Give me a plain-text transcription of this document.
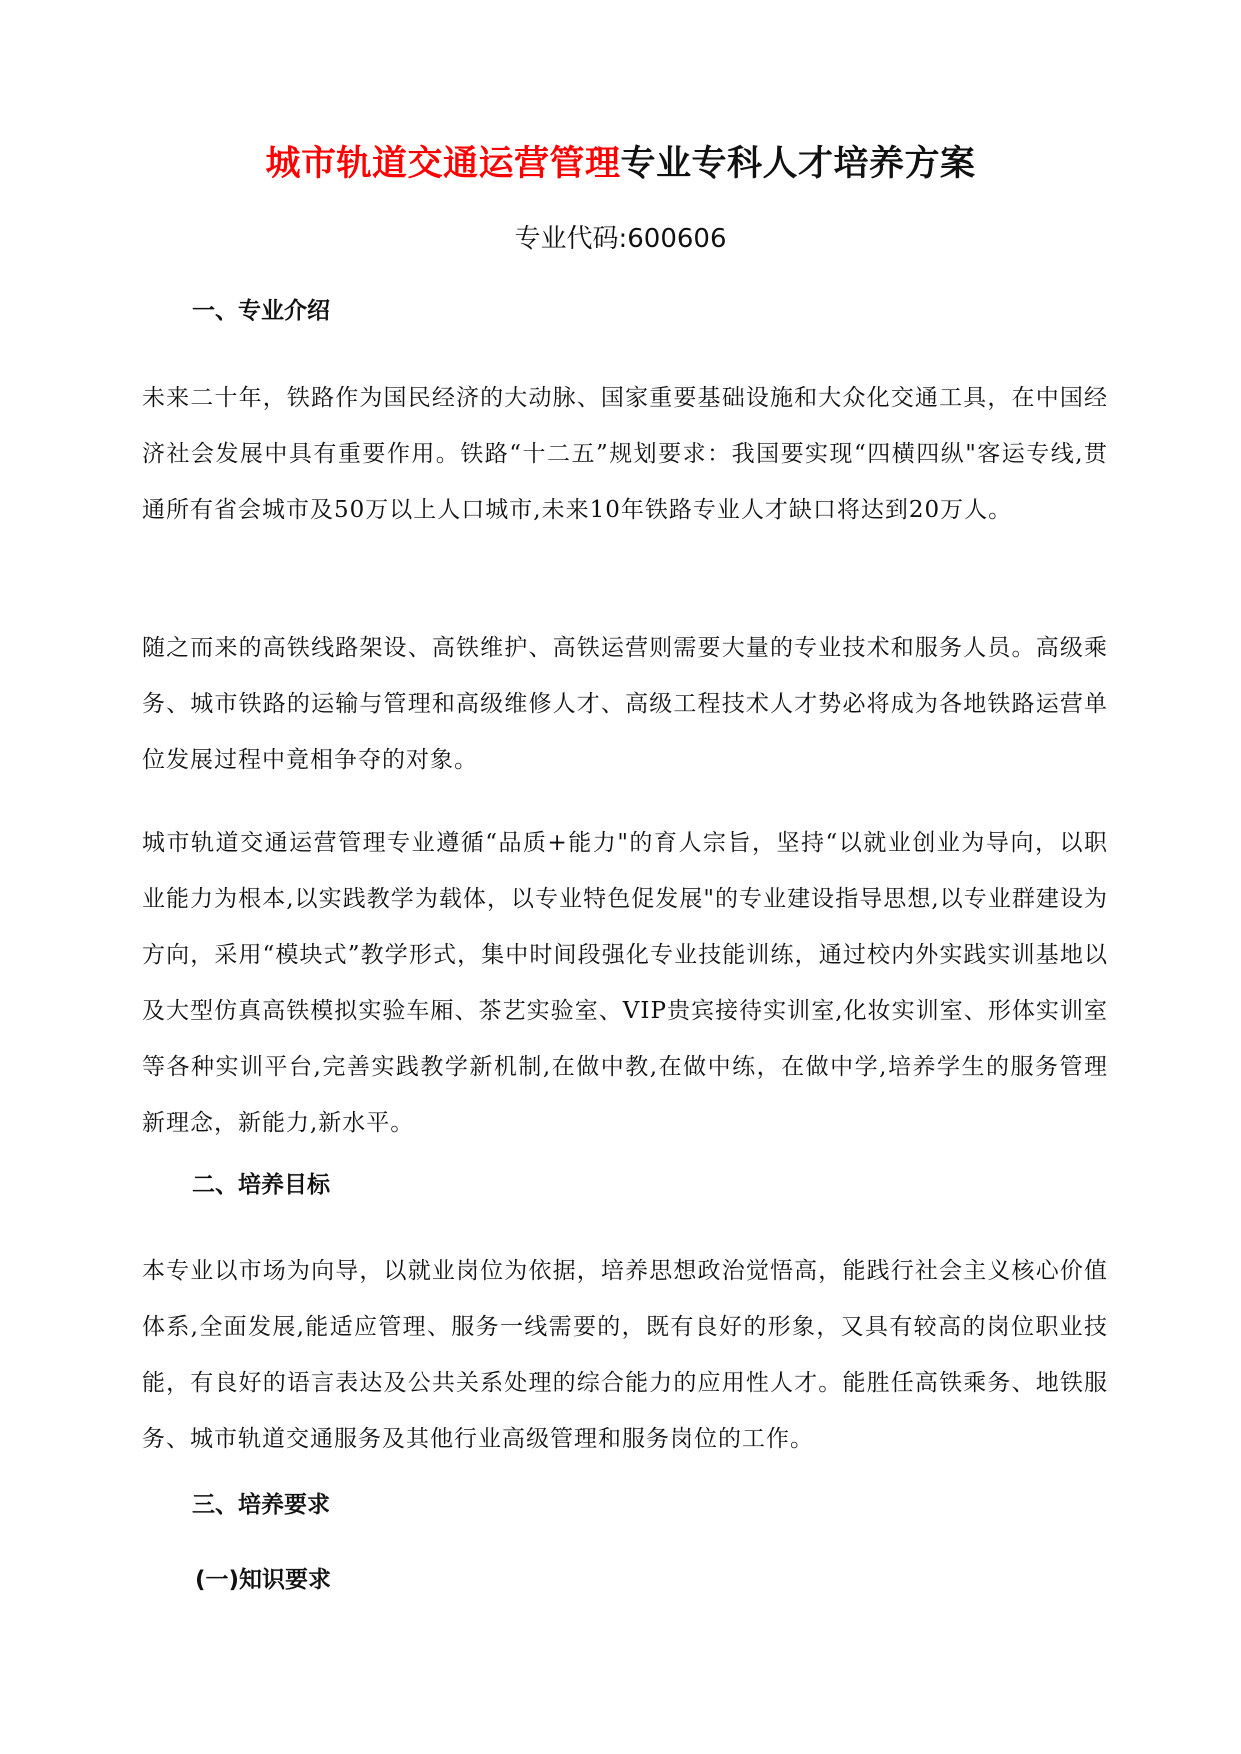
城市轨道交通运营管理专业专科人才培养方案
专业代码:600606
一、专业介绍

未来二十年，铁路作为国民经济的大动脉、国家重要基础设施和大众化交通工具，在中国经济社会发展中具有重要作用。铁路“十二五”规划要求：我国要实现“四横四纵"客运专线,贯通所有省会城市及50万以上人口城市,未来10年铁路专业人才缺口将达到20万人。

随之而来的高铁线路架设、高铁维护、高铁运营则需要大量的专业技术和服务人员。高级乘务、城市铁路的运输与管理和高级维修人才、高级工程技术人才势必将成为各地铁路运营单位发展过程中竟相争夺的对象。

城市轨道交通运营管理专业遵循“品质+能力"的育人宗旨，坚持“以就业创业为导向，以职业能力为根本,以实践教学为载体，以专业特色促发展"的专业建设指导思想,以专业群建设为方向，采用“模块式”教学形式，集中时间段强化专业技能训练，通过校内外实践实训基地以及大型仿真高铁模拟实验车厢、茶艺实验室、VIP贵宾接待实训室,化妆实训室、形体实训室等各种实训平台,完善实践教学新机制,在做中教,在做中练，在做中学,培养学生的服务管理新理念，新能力,新水平。

二、培养目标

本专业以市场为向导，以就业岗位为依据，培养思想政治觉悟高，能践行社会主义核心价值体系,全面发展,能适应管理、服务一线需要的，既有良好的形象，又具有较高的岗位职业技能，有良好的语言表达及公共关系处理的综合能力的应用性人才。能胜任高铁乘务、地铁服务、城市轨道交通服务及其他行业高级管理和服务岗位的工作。

三、培养要求
(一)知识要求
